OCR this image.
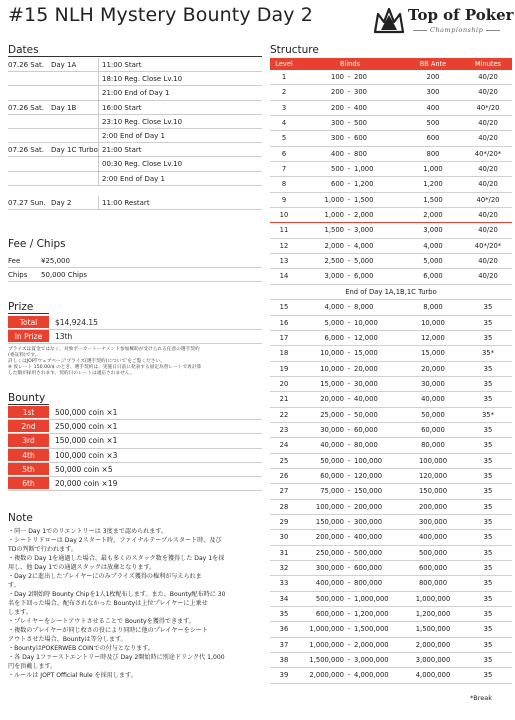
#15 NLH Mystery Bounty Day 2	Top of Poker
Championship
Dates
07.26 Sat.	Day 1A	11:00 Start
18:10 Reg. Close Lv.10
21:00 End of Day 1
07.26 Sat.	Day 1B	16:00 Start
23:10 Reg. Close Lv.10
2:00 End of Day 1
07.26 Sat.	Day 1C Turbo 21:00 Start
00:30 Reg. Close Lv.10
2:00 End of Day 1
07.27 Sun. Day 2	11:00 Restart
Fee / Chips
Fee	¥25,000
Chips	50,000 Chips
Prize
Total	$14,924.15
In Prize	13th
プライズは賞金ではなく、対象ポーカートーナメント参加権助が受けられる任意の選手契約
(委託料)です。
詳しくはJOPTウェブページ'プライズ(選手契約)について'をご覧ください。
※ 仮レート 150.00/$ のとき、選手契約は、実施日日前に発表する固定為替レートで再計算
した額が採用されます。契約日のレートは適応されません。
Bounty
1st	500,000 coin ×1
2nd	250,000 coin ×1
3rd	150,000 coin ×1
4th	100,000 coin ×3
5th	50,000 coin ×5
6th	20,000 coin ×19
Note
・同一 Day 1でのリエントリーは 3度まで認められます。
・シートリドローは Day 2スタート時、ファイナルテーブルスタート時、及び
TDの判断で行われます。
・複数の Day 1を通過した場合、最も多くのスタック数を獲得した Day 1を採
用し、他 Day 1での通過スタックは放棄となります。
・Day 2に進出したプレイヤーにのみプライズ獲得の権利が与えられま
す。
・Day 2開始時 Bounty Chipを1人1枚配布します。また、Bounty配布時に 30
名を下回った場合、配布されなかった Bountyは上位プレイヤーに上乗せ
します。
・プレイヤーをシートアウトさせることで Bountyを獲得できます。
・複数のプレイヤーが同じ枚さの役により同時に他のプレイヤーをシート
アウトさせた場合、Bountyは等分します。
・BountyはPOKERWEB COINでの付与となります。
・各 Day 1ファーストエントリー時及び Day 2開始時に別途ドリンク代 1,000
円を頂戴します。
・ルールは JOPT Official Rule を採用します。
Structure
Level	Blinds	BB Ante	Minutes
1	100 - 200	200	40/20
2	200 - 300	300	40/20
3	200 - 400	400	40*/20
4	300 - 500	500	40/20
5	300 - 600	600	40/20
6	400 - 800	800	40*/20*
7	500 - 1,000	1,000	40/20
8	600 - 1,200	1,200	40/20
9	1,000 - 1,500	1,500	40*/20
10	1,000 - 2,000	2,000	40/20
11	1,500 - 3,000	3,000	40/20
12	2,000 - 4,000	4,000	40*/20*
13	2,500 - 5,000	5,000	40/20
14	3,000 - 6,000	6,000	40/20
End of Day 1A,1B,1C Turbo
15	4,000 - 8,000	8,000	35
16	5,000 - 10,000	10,000	35
17	6,000 - 12,000	12,000	35
18	10,000 - 15,000	15,000	35*
19	10,000 - 20,000	20,000	35
20	15,000 - 30,000	30,000	35
21	20,000 - 40,000	40,000	35
22	25,000 - 50,000	50,000	35*
23	30,000 - 60,000	60,000	35
24	40,000 - 80,000	80,000	35
25	50,000 - 100,000	100,000	35
26	60,000 - 120,000	120,000	35
27	75,000 - 150,000	150,000	35
28	100,000 - 200,000	200,000	35
29	150,000 - 300,000	300,000	35
30	200,000 - 400,000	400,000	35
31	250,000 - 500,000	500,000	35
32	300,000 - 600,000	600,000	35
33	400,000 - 800,000	800,000	35
34	500,000 - 1,000,000	1,000,000	35
35	600,000 - 1,200,000	1,200,000	35
36	1,000,000 - 1,500,000	1,500,000	35
37	1,000,000 - 2,000,000	2,000,000	35
38	1,500,000 - 3,000,000	3,000,000	35
39	2,000,000 - 4,000,000	4,000,000	35
*Break
